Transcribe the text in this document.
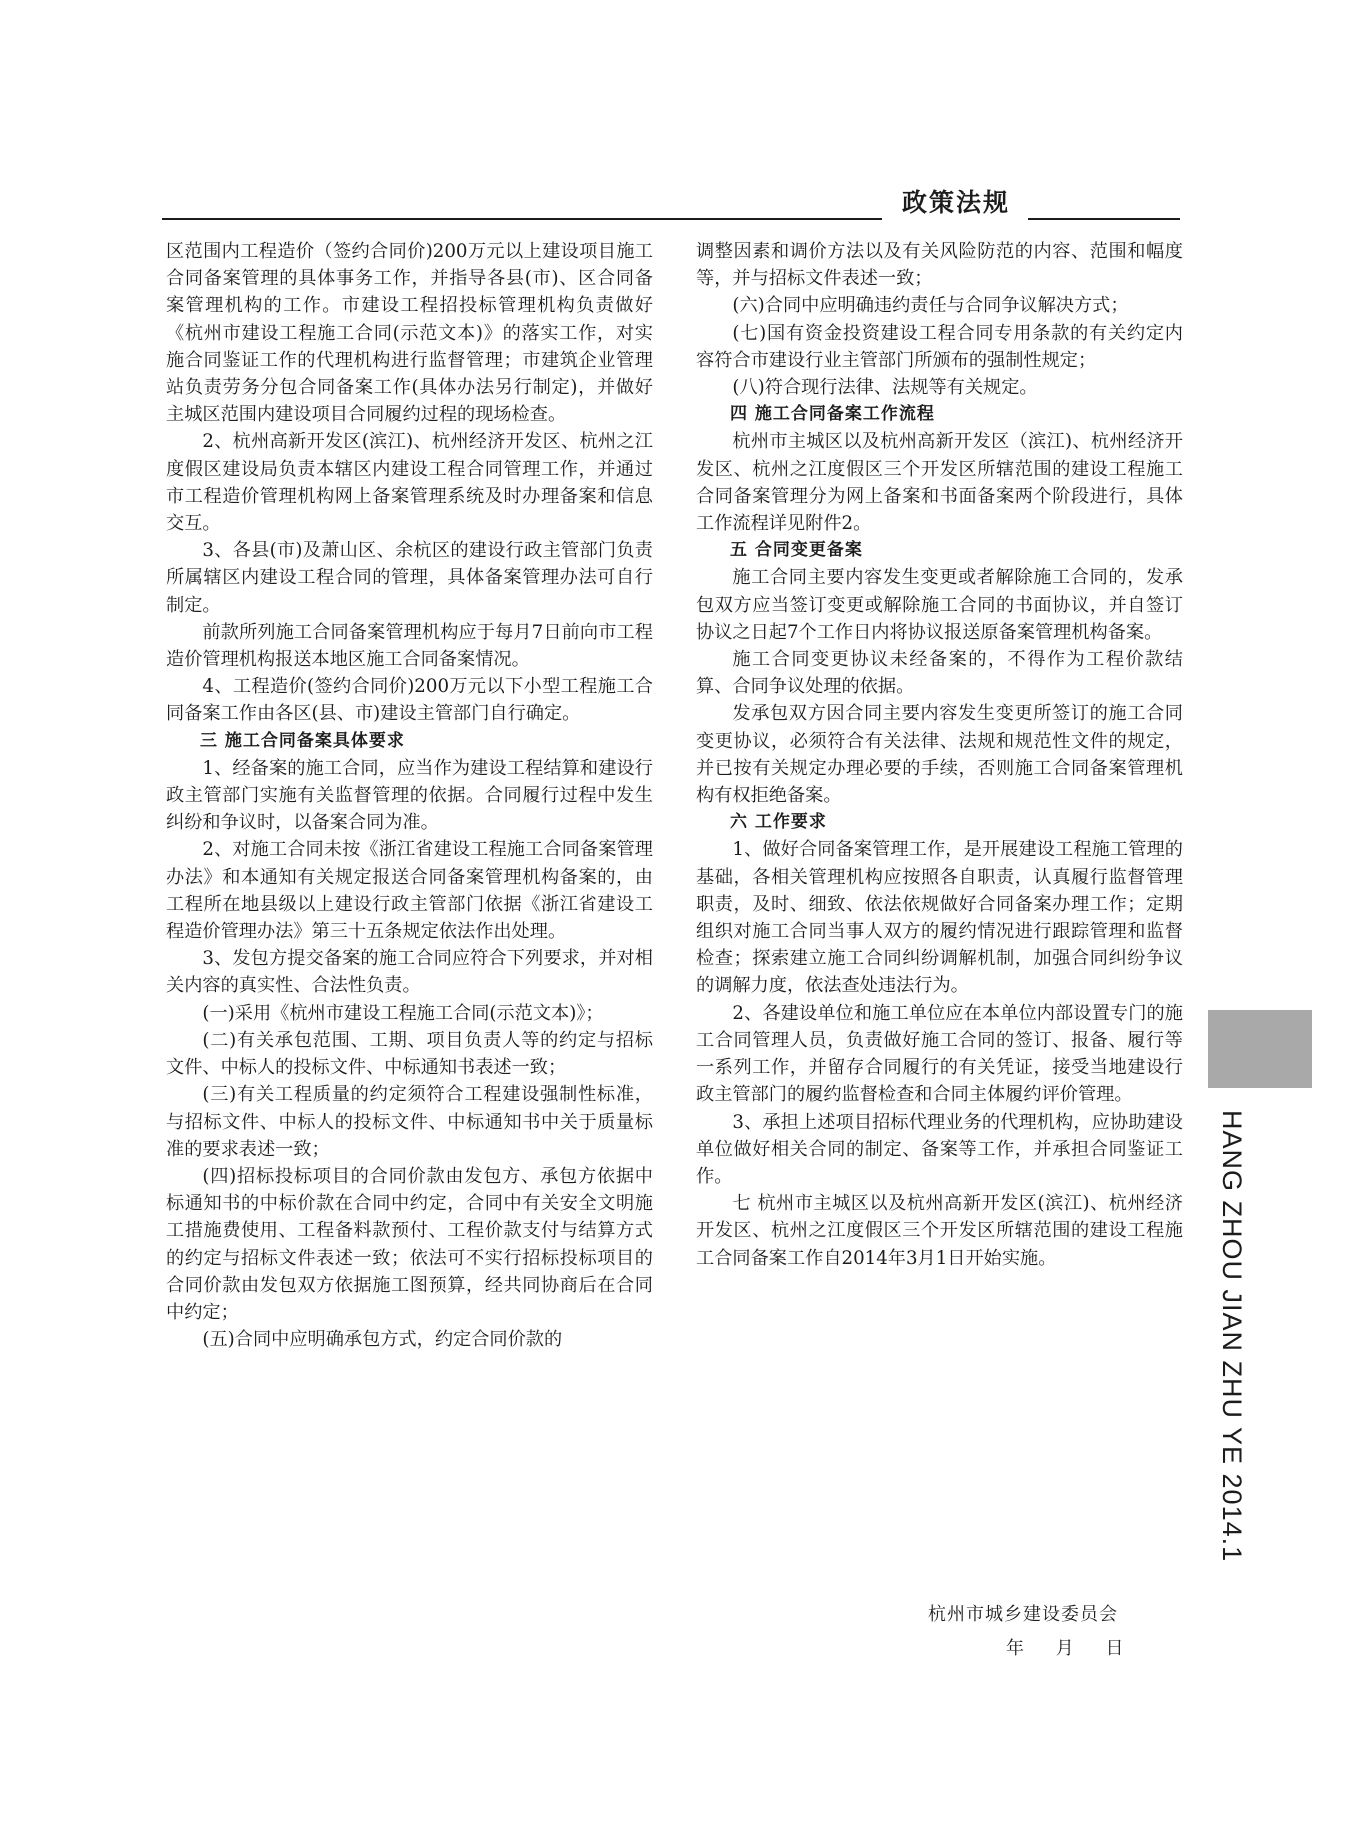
政策法规

区范围内工程造价（签约合同价)200万元以上建设项目施工合同备案管理的具体事务工作，并指导各县(市)、区合同备案管理机构的工作。市建设工程招投标管理机构负责做好《杭州市建设工程施工合同(示范文本)》的落实工作，对实施合同鉴证工作的代理机构进行监督管理；市建筑企业管理站负责劳务分包合同备案工作(具体办法另行制定)，并做好主城区范围内建设项目合同履约过程的现场检查。

2、杭州高新开发区(滨江)、杭州经济开发区、杭州之江度假区建设局负责本辖区内建设工程合同管理工作，并通过市工程造价管理机构网上备案管理系统及时办理备案和信息交互。

3、各县(市)及萧山区、余杭区的建设行政主管部门负责所属辖区内建设工程合同的管理，具体备案管理办法可自行制定。

前款所列施工合同备案管理机构应于每月7日前向市工程造价管理机构报送本地区施工合同备案情况。

4、工程造价(签约合同价)200万元以下小型工程施工合同备案工作由各区(县、市)建设主管部门自行确定。

三 施工合同备案具体要求

1、经备案的施工合同，应当作为建设工程结算和建设行政主管部门实施有关监督管理的依据。合同履行过程中发生纠纷和争议时，以备案合同为准。

2、对施工合同未按《浙江省建设工程施工合同备案管理办法》和本通知有关规定报送合同备案管理机构备案的，由工程所在地县级以上建设行政主管部门依据《浙江省建设工程造价管理办法》第三十五条规定依法作出处理。

3、发包方提交备案的施工合同应符合下列要求，并对相关内容的真实性、合法性负责。

(一)采用《杭州市建设工程施工合同(示范文本)》；

(二)有关承包范围、工期、项目负责人等的约定与招标文件、中标人的投标文件、中标通知书表述一致；

(三)有关工程质量的约定须符合工程建设强制性标准，与招标文件、中标人的投标文件、中标通知书中关于质量标准的要求表述一致；

(四)招标投标项目的合同价款由发包方、承包方依据中标通知书的中标价款在合同中约定，合同中有关安全文明施工措施费使用、工程备料款预付、工程价款支付与结算方式的约定与招标文件表述一致；依法可不实行招标投标项目的合同价款由发包双方依据施工图预算，经共同协商后在合同中约定；

(五)合同中应明确承包方式，约定合同价款的

调整因素和调价方法以及有关风险防范的内容、范围和幅度等，并与招标文件表述一致；

(六)合同中应明确违约责任与合同争议解决方式；

(七)国有资金投资建设工程合同专用条款的有关约定内容符合市建设行业主管部门所颁布的强制性规定；

(八)符合现行法律、法规等有关规定。

四 施工合同备案工作流程

杭州市主城区以及杭州高新开发区（滨江)、杭州经济开发区、杭州之江度假区三个开发区所辖范围的建设工程施工合同备案管理分为网上备案和书面备案两个阶段进行，具体工作流程详见附件2。

五 合同变更备案

施工合同主要内容发生变更或者解除施工合同的，发承包双方应当签订变更或解除施工合同的书面协议，并自签订协议之日起7个工作日内将协议报送原备案管理机构备案。

施工合同变更协议未经备案的，不得作为工程价款结算、合同争议处理的依据。

发承包双方因合同主要内容发生变更所签订的施工合同变更协议，必须符合有关法律、法规和规范性文件的规定，并已按有关规定办理必要的手续，否则施工合同备案管理机构有权拒绝备案。

六 工作要求

1、做好合同备案管理工作，是开展建设工程施工管理的基础，各相关管理机构应按照各自职责，认真履行监督管理职责，及时、细致、依法依规做好合同备案办理工作；定期组织对施工合同当事人双方的履约情况进行跟踪管理和监督检查；探索建立施工合同纠纷调解机制，加强合同纠纷争议的调解力度，依法查处违法行为。

2、各建设单位和施工单位应在本单位内部设置专门的施工合同管理人员，负责做好施工合同的签订、报备、履行等一系列工作，并留存合同履行的有关凭证，接受当地建设行政主管部门的履约监督检查和合同主体履约评价管理。

3、承担上述项目招标代理业务的代理机构，应协助建设单位做好相关合同的制定、备案等工作，并承担合同鉴证工作。

七 杭州市主城区以及杭州高新开发区(滨江)、杭州经济开发区、杭州之江度假区三个开发区所辖范围的建设工程施工合同备案工作自2014年3月1日开始实施。	HANG ZHOU JIAN ZHU YE 2014.1
杭州市城乡建设委员会
年 月 日
